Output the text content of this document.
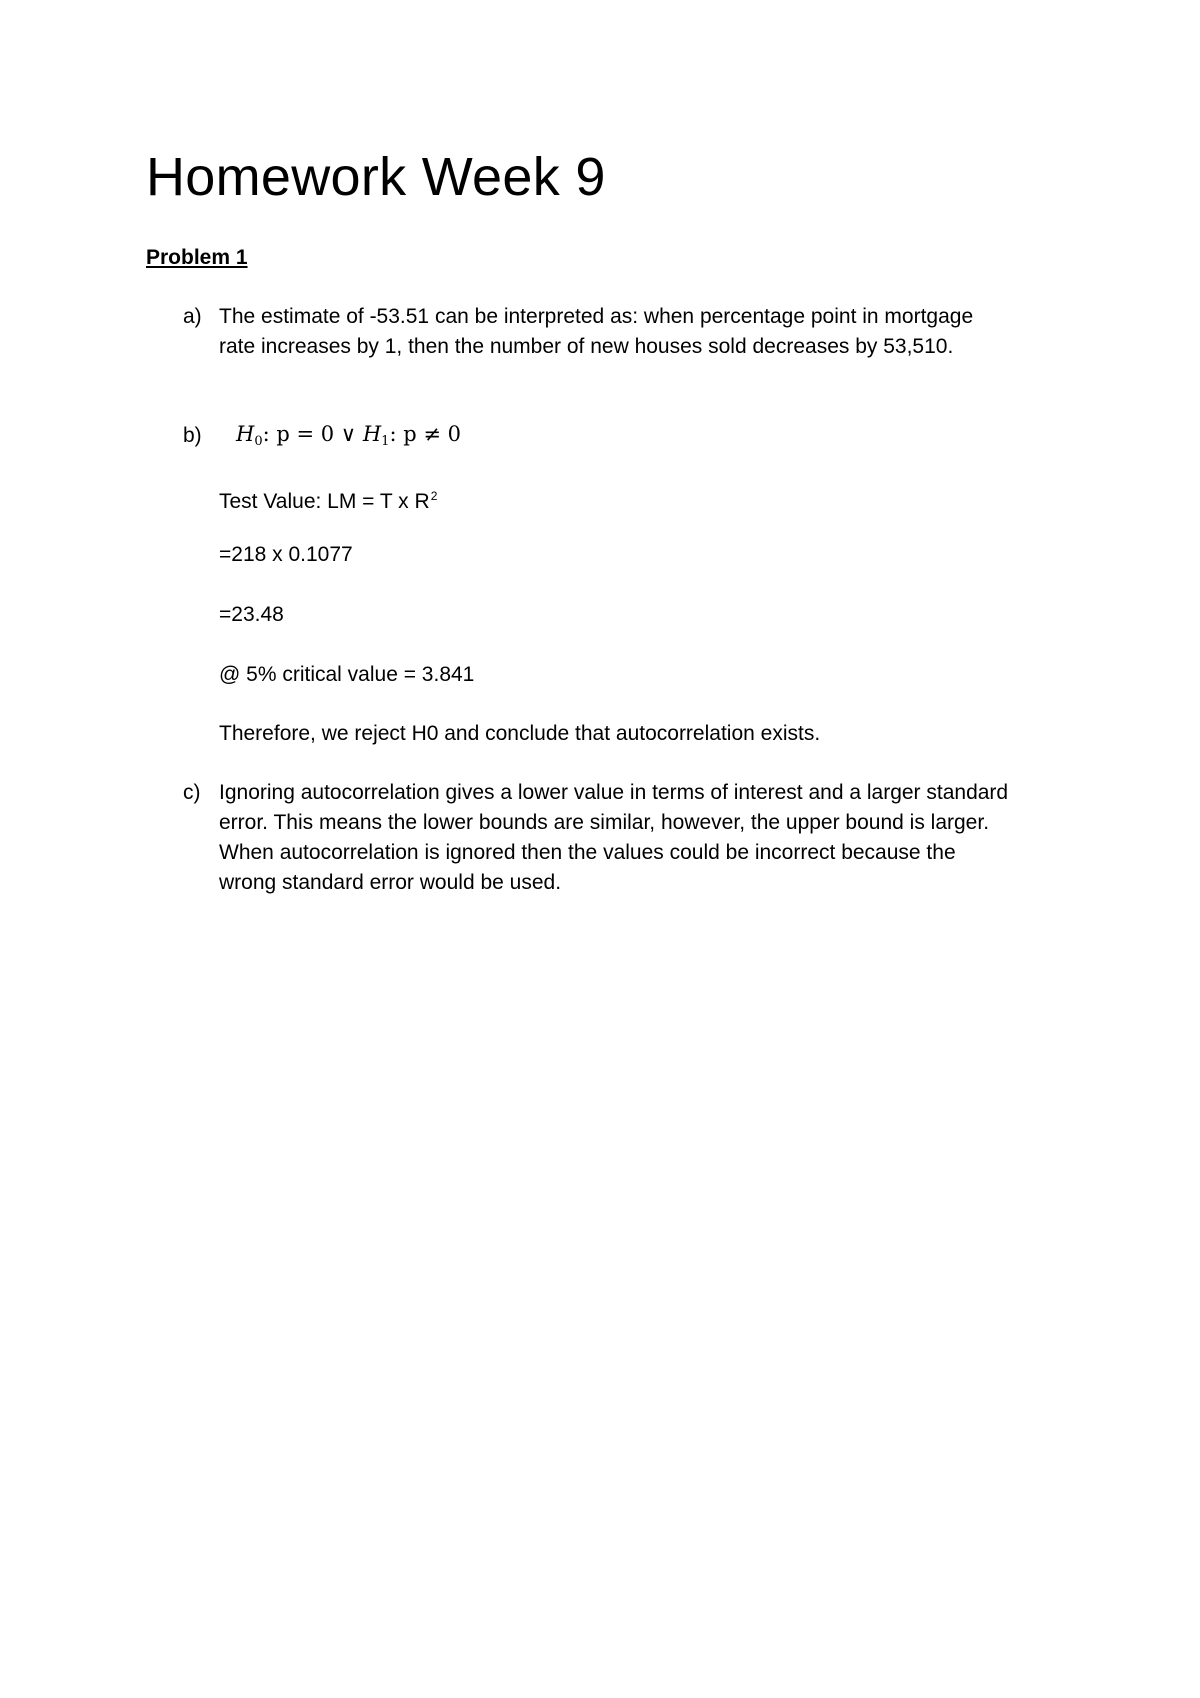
Homework Week 9
Problem 1
a) The estimate of -53.51 can be interpreted as: when percentage point in mortgage
rate increases by 1, then the number of new houses sold decreases by 53,510.
b) $H_0$: p = 0 ∨ $H_1$: p ≠ 0
Test Value: LM = T x $R^2$
=218 x 0.1077
=23.48
@ 5% critical value = 3.841
Therefore, we reject H0 and conclude that autocorrelation exists.
c) Ignoring autocorrelation gives a lower value in terms of interest and a larger standard
error. This means the lower bounds are similar, however, the upper bound is larger.
When autocorrelation is ignored then the values could be incorrect because the
wrong standard error would be used.
